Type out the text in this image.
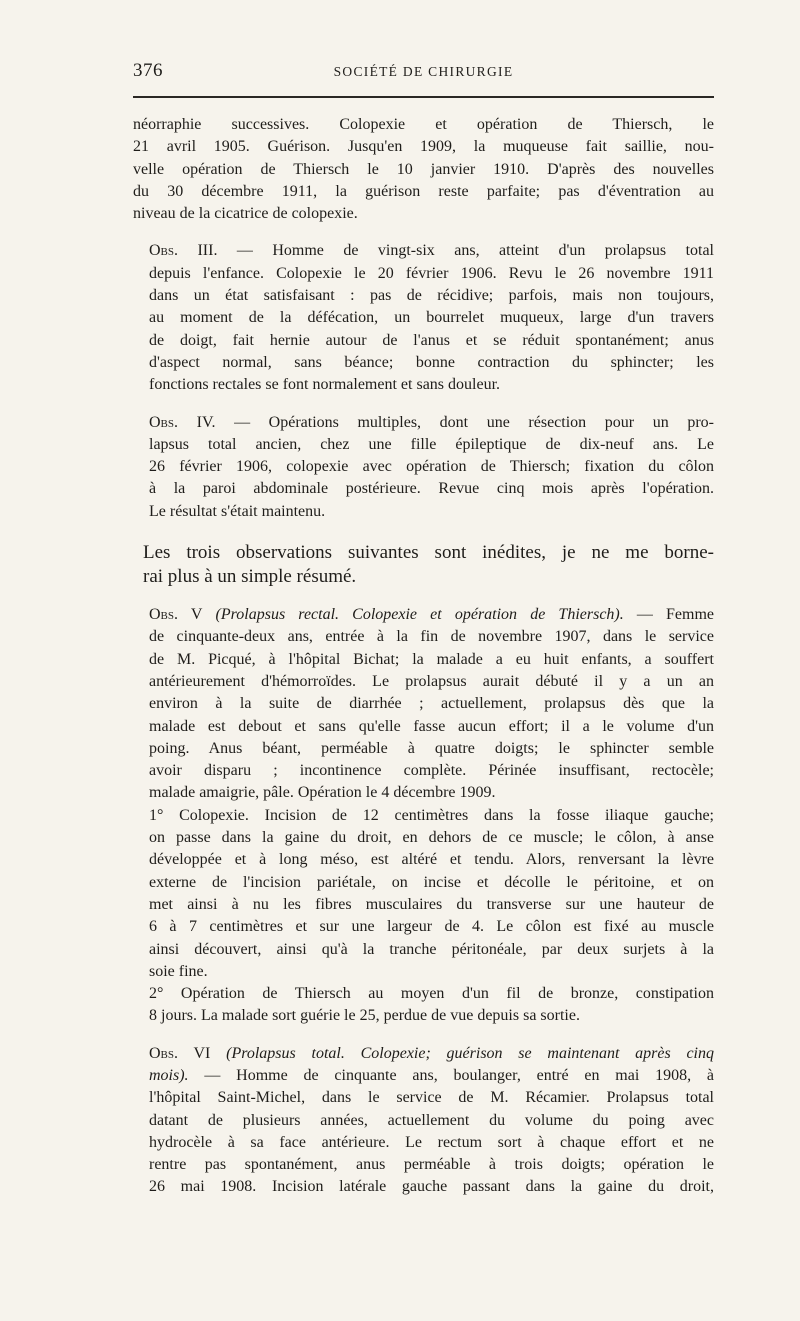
376	SOCIÉTÉ DE CHIRURGIE

néorraphie successives. Colopexie et opération de Thiersch, le
21 avril 1905. Guérison. Jusqu'en 1909, la muqueuse fait saillie, nou-
velle opération de Thiersch le 10 janvier 1910. D'après des nouvelles
du 30 décembre 1911, la guérison reste parfaite; pas d'éventration au
niveau de la cicatrice de colopexie.

Obs. III. — Homme de vingt-six ans, atteint d'un prolapsus total
depuis l'enfance. Colopexie le 20 février 1906. Revu le 26 novembre 1911
dans un état satisfaisant : pas de récidive; parfois, mais non toujours,
au moment de la défécation, un bourrelet muqueux, large d'un travers
de doigt, fait hernie autour de l'anus et se réduit spontanément; anus
d'aspect normal, sans béance; bonne contraction du sphincter; les
fonctions rectales se font normalement et sans douleur.

Obs. IV. — Opérations multiples, dont une résection pour un pro-
lapsus total ancien, chez une fille épileptique de dix-neuf ans. Le
26 février 1906, colopexie avec opération de Thiersch; fixation du côlon
à la paroi abdominale postérieure. Revue cinq mois après l'opération.
Le résultat s'était maintenu.

Les trois observations suivantes sont inédites, je ne me borne-
rai plus à un simple résumé.

Obs. V (Prolapsus rectal. Colopexie et opération de Thiersch). — Femme
de cinquante-deux ans, entrée à la fin de novembre 1907, dans le service
de M. Picqué, à l'hôpital Bichat; la malade a eu huit enfants, a souffert
antérieurement d'hémorroïdes. Le prolapsus aurait débuté il y a un an
environ à la suite de diarrhée ; actuellement, prolapsus dès que la
malade est debout et sans qu'elle fasse aucun effort; il a le volume d'un
poing. Anus béant, perméable à quatre doigts; le sphincter semble
avoir disparu ; incontinence complète. Périnée insuffisant, rectocèle;
malade amaigrie, pâle. Opération le 4 décembre 1909.

1° Colopexie. Incision de 12 centimètres dans la fosse iliaque gauche;
on passe dans la gaine du droit, en dehors de ce muscle; le côlon, à anse
développée et à long méso, est altéré et tendu. Alors, renversant la lèvre
externe de l'incision pariétale, on incise et décolle le péritoine, et on
met ainsi à nu les fibres musculaires du transverse sur une hauteur de
6 à 7 centimètres et sur une largeur de 4. Le côlon est fixé au muscle
ainsi découvert, ainsi qu'à la tranche péritonéale, par deux surjets à la
soie fine.

2° Opération de Thiersch au moyen d'un fil de bronze, constipation
8 jours. La malade sort guérie le 25, perdue de vue depuis sa sortie.

Obs. VI (Prolapsus total. Colopexie; guérison se maintenant après cinq
mois). — Homme de cinquante ans, boulanger, entré en mai 1908, à
l'hôpital Saint-Michel, dans le service de M. Récamier. Prolapsus total
datant de plusieurs années, actuellement du volume du poing avec
hydrocèle à sa face antérieure. Le rectum sort à chaque effort et ne
rentre pas spontanément, anus perméable à trois doigts; opération le
26 mai 1908. Incision latérale gauche passant dans la gaine du droit,
